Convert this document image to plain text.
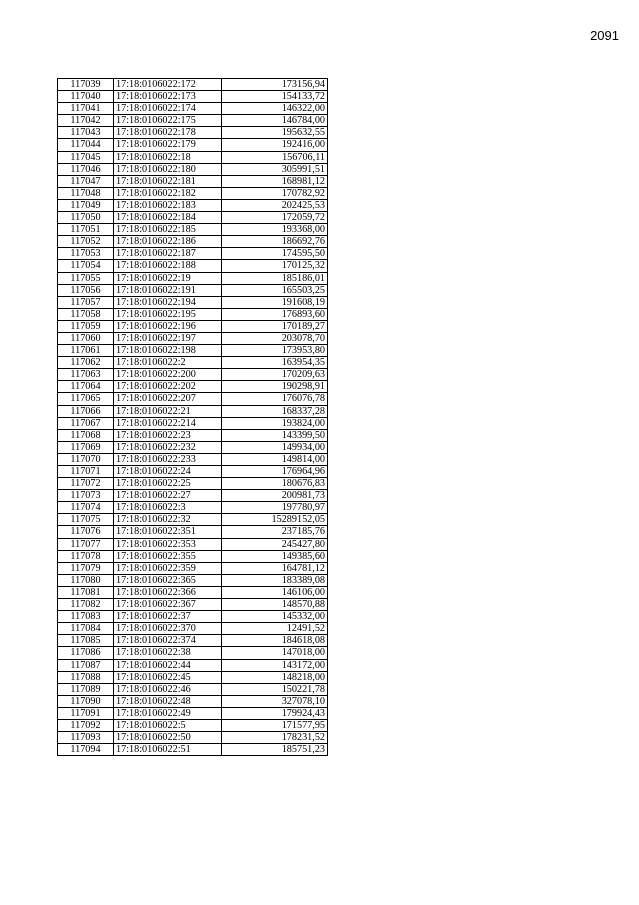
2091
117039	17:18:0106022:172	173156,94
117040	17:18:0106022:173	154133,72
117041	17:18:0106022:174	146322,00
117042	17:18:0106022:175	146784,00
117043	17:18:0106022:178	195632,55
117044	17:18:0106022:179	192416,00
117045	17:18:0106022:18	156706,11
117046	17:18:0106022:180	305991,51
117047	17:18:0106022:181	168981,12
117048	17:18:0106022:182	170782,92
117049	17:18:0106022:183	202425,53
117050	17:18:0106022:184	172059,72
117051	17:18:0106022:185	193368,00
117052	17:18:0106022:186	186692,76
117053	17:18:0106022:187	174595,50
117054	17:18:0106022:188	170125,32
117055	17:18:0106022:19	185186,01
117056	17:18:0106022:191	165503,25
117057	17:18:0106022:194	191608,19
117058	17:18:0106022:195	176893,60
117059	17:18:0106022:196	170189,27
117060	17:18:0106022:197	203078,70
117061	17:18:0106022:198	173953,80
117062	17:18:0106022:2	163954,35
117063	17:18:0106022:200	170209,63
117064	17:18:0106022:202	190298,91
117065	17:18:0106022:207	176076,78
117066	17:18:0106022:21	168337,28
117067	17:18:0106022:214	193824,00
117068	17:18:0106022:23	143399,50
117069	17:18:0106022:232	149934,00
117070	17:18:0106022:233	149814,00
117071	17:18:0106022:24	176964,96
117072	17:18:0106022:25	180676,83
117073	17:18:0106022:27	200981,73
117074	17:18:0106022:3	197780,97
117075	17:18:0106022:32	15289152,05
117076	17:18:0106022:351	237185,76
117077	17:18:0106022:353	245427,80
117078	17:18:0106022:355	149385,60
117079	17:18:0106022:359	164781,12
117080	17:18:0106022:365	183389,08
117081	17:18:0106022:366	146106,00
117082	17:18:0106022:367	148570,88
117083	17:18:0106022:37	145332,00
117084	17:18:0106022:370	12491,52
117085	17:18:0106022:374	184618,08
117086	17:18:0106022:38	147018,00
117087	17:18:0106022:44	143172,00
117088	17:18:0106022:45	148218,00
117089	17:18:0106022:46	150221,78
117090	17:18:0106022:48	327078,10
117091	17:18:0106022:49	179924,43
117092	17:18:0106022:5	171577,95
117093	17:18:0106022:50	178231,52
117094	17:18:0106022:51	185751,23
